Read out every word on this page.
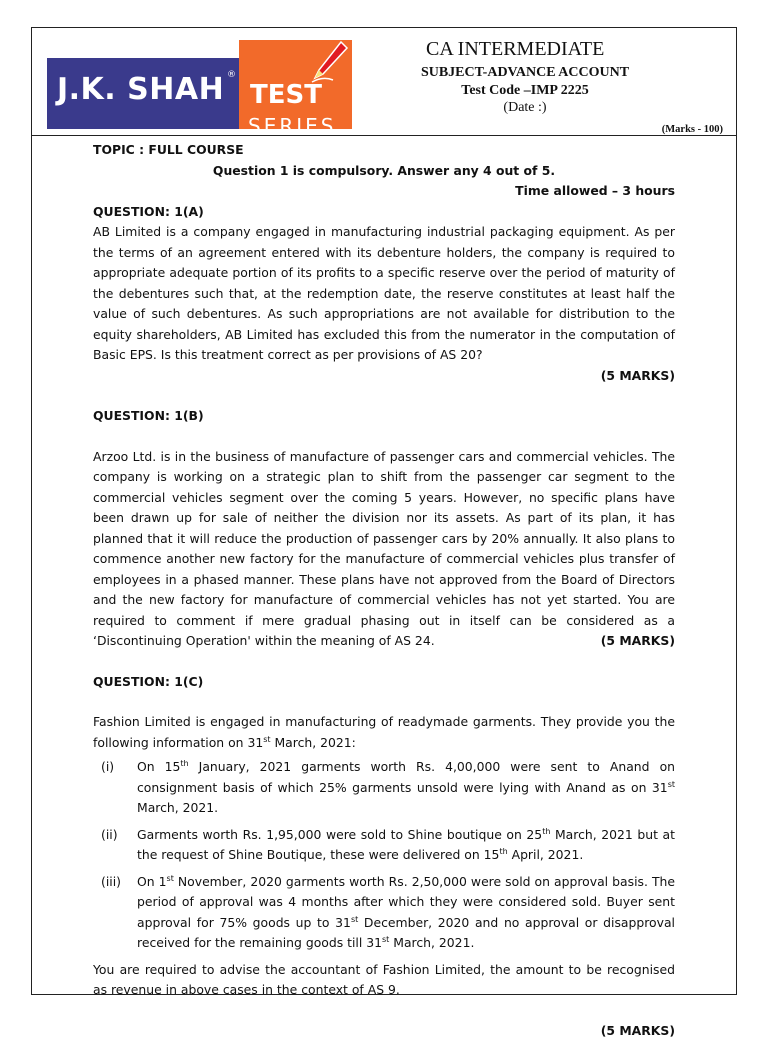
J.K. SHAH ®
TEST
SERIES
CA INTERMEDIATE
SUBJECT-ADVANCE ACCOUNT
Test Code –IMP 2225
(Date :)
(Marks - 100)

TOPIC : FULL COURSE

Question 1 is compulsory. Answer any 4 out of 5.

Time allowed – 3 hours

QUESTION: 1(A)

AB Limited is a company engaged in manufacturing industrial packaging equipment. As per the terms of an agreement entered with its debenture holders, the company is required to appropriate adequate portion of its profits to a specific reserve over the period of maturity of the debentures such that, at the redemption date, the reserve constitutes at least half the value of such debentures. As such appropriations are not available for distribution to the equity shareholders, AB Limited has excluded this from the numerator in the computation of Basic EPS. Is this treatment correct as per provisions of AS 20?

(5 MARKS)

QUESTION: 1(B)

Arzoo Ltd. is in the business of manufacture of passenger cars and commercial vehicles. The company is working on a strategic plan to shift from the passenger car segment to the commercial vehicles segment over the coming 5 years. However, no specific plans have been drawn up for sale of neither the division nor its assets. As part of its plan, it has planned that it will reduce the production of passenger cars by 20% annually. It also plans to commence another new factory for the manufacture of commercial vehicles plus transfer of employees in a phased manner. These plans have not approved from the Board of Directors and the new factory for manufacture of commercial vehicles has not yet started. You are required to comment if mere gradual phasing out in itself can be considered as a ‘Discontinuing Operation' within the meaning of AS 24.	(5 MARKS)

QUESTION: 1(C)

Fashion Limited is engaged in manufacturing of readymade garments. They provide you the following information on 31st March, 2021:

(i)	On 15th January, 2021 garments worth Rs. 4,00,000 were sent to Anand on consignment basis of which 25% garments unsold were lying with Anand as on 31st March, 2021.
(ii)	Garments worth Rs. 1,95,000 were sold to Shine boutique on 25th March, 2021 but at the request of Shine Boutique, these were delivered on 15th April, 2021.
(iii)	On 1st November, 2020 garments worth Rs. 2,50,000 were sold on approval basis. The period of approval was 4 months after which they were considered sold. Buyer sent approval for 75% goods up to 31st December, 2020 and no approval or disapproval received for the remaining goods till 31st March, 2021.

You are required to advise the accountant of Fashion Limited, the amount to be recognised as revenue in above cases in the context of AS 9.

(5 MARKS)
